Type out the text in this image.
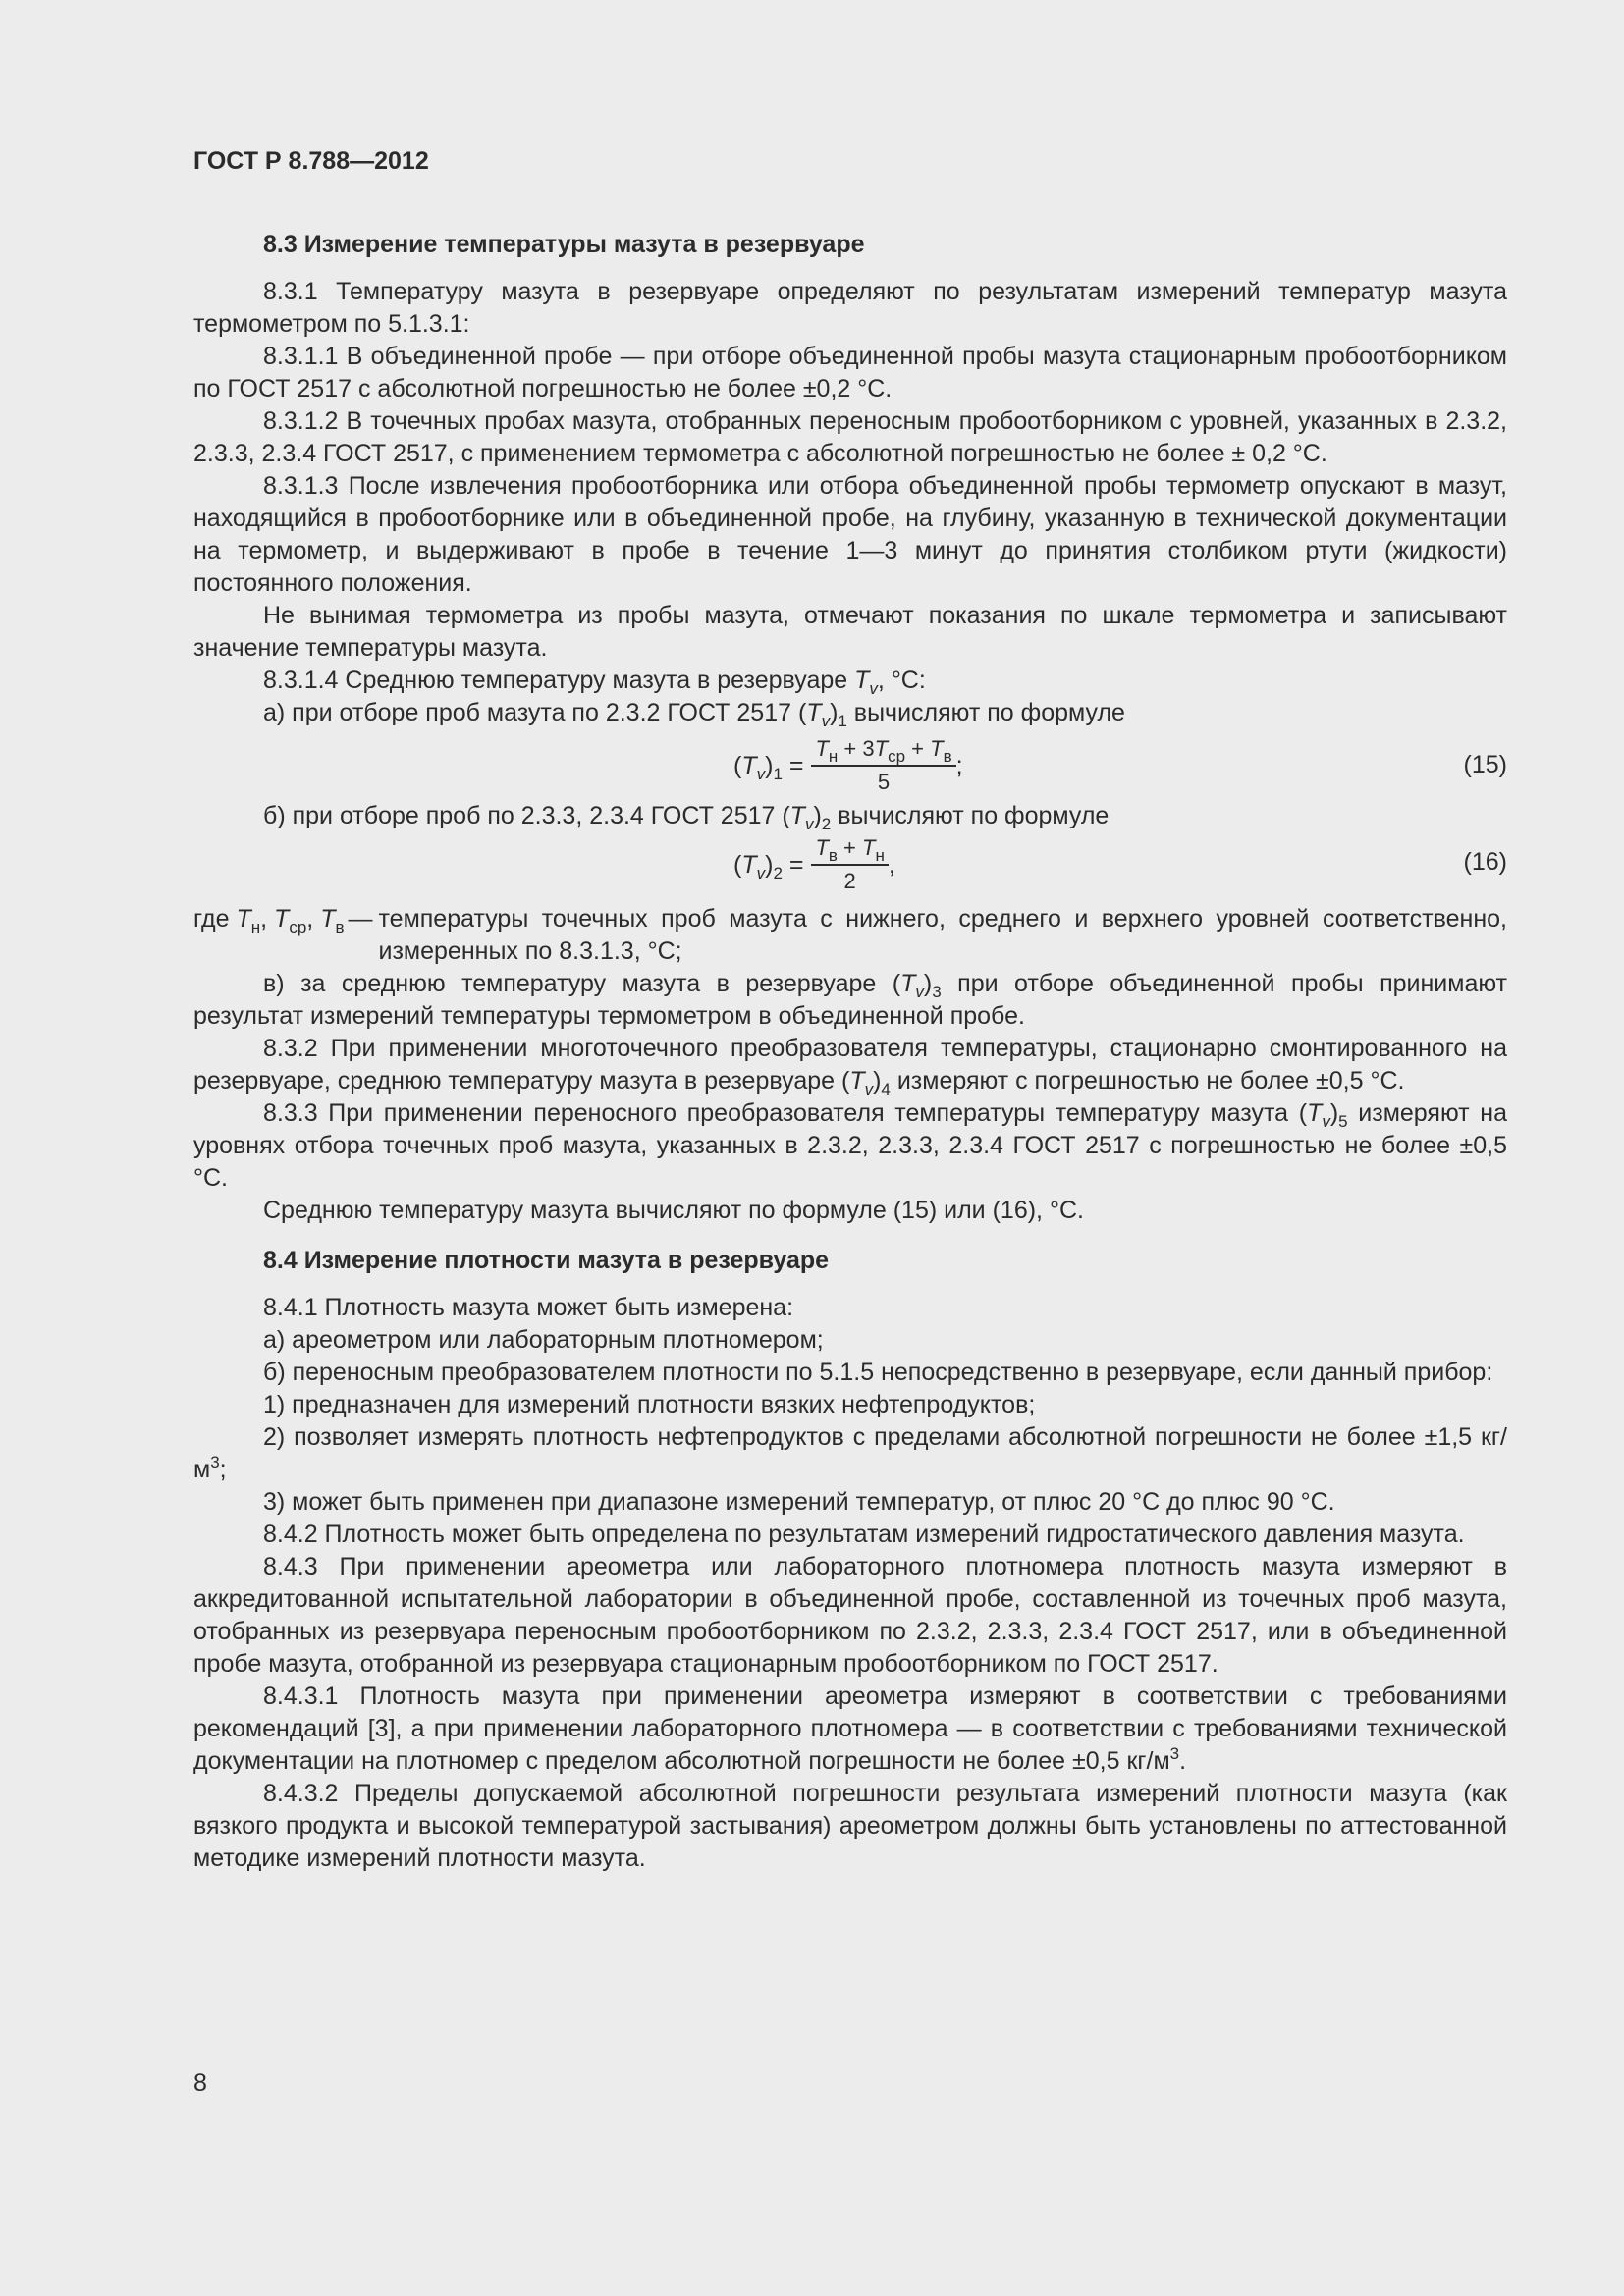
ГОСТ Р 8.788—2012
8.3 Измерение температуры мазута в резервуаре

8.3.1 Температуру мазута в резервуаре определяют по результатам измерений температур мазута термометром по 5.1.3.1:

8.3.1.1 В объединенной пробе — при отборе объединенной пробы мазута стационарным пробоотборником по ГОСТ 2517 с абсолютной погрешностью не более ±0,2 °С.

8.3.1.2 В точечных пробах мазута, отобранных переносным пробоотборником с уровней, указанных в 2.3.2, 2.3.3, 2.3.4 ГОСТ 2517, с применением термометра с абсолютной погрешностью не более ± 0,2 °С.

8.3.1.3 После извлечения пробоотборника или отбора объединенной пробы термометр опускают в мазут, находящийся в пробоотборнике или в объединенной пробе, на глубину, указанную в технической документации на термометр, и выдерживают в пробе в течение 1—3 минут до принятия столбиком ртути (жидкости) постоянного положения.

Не вынимая термометра из пробы мазута, отмечают показания по шкале термометра и записывают значение температуры мазута.

8.3.1.4 Среднюю температуру мазута в резервуаре $T_v$, °С:

а) при отборе проб мазута по 2.3.2 ГОСТ 2517 $(T_v)_1$ вычисляют по формуле

$(T_v)_1 = \frac{T_н + 3T_{ср} + T_в}{5}$ ;	(15)

б) при отборе проб по 2.3.3, 2.3.4 ГОСТ 2517 $(T_v)_2$ вычисляют по формуле

$(T_v)_2 = \frac{T_в + T_н}{2}$ ,	(16)
где $T_н$, $T_{ср}$, $T_в$ — температуры точечных проб мазута с нижнего, среднего и верхнего уровней соответственно, измеренных по 8.3.1.3, °С;

в) за среднюю температуру мазута в резервуаре $(T_v)_3$ при отборе объединенной пробы принимают результат измерений температуры термометром в объединенной пробе.

8.3.2 При применении многоточечного преобразователя температуры, стационарно смонтированного на резервуаре, среднюю температуру мазута в резервуаре $(T_v)_4$ измеряют с погрешностью не более ±0,5 °С.

8.3.3 При применении переносного преобразователя температуры температуру мазута $(T_v)_5$ измеряют на уровнях отбора точечных проб мазута, указанных в 2.3.2, 2.3.3, 2.3.4 ГОСТ 2517 с погрешностью не более ±0,5 °С.

Среднюю температуру мазута вычисляют по формуле (15) или (16), °С.

8.4 Измерение плотности мазута в резервуаре

8.4.1 Плотность мазута может быть измерена:

а) ареометром или лабораторным плотномером;

б) переносным преобразователем плотности по 5.1.5 непосредственно в резервуаре, если данный прибор:

1) предназначен для измерений плотности вязких нефтепродуктов;

2) позволяет измерять плотность нефтепродуктов с пределами абсолютной погрешности не более ±1,5 $кг/м^3$;

3) может быть применен при диапазоне измерений температур, от плюс 20 °С до плюс 90 °С.

8.4.2 Плотность может быть определена по результатам измерений гидростатического давления мазута.

8.4.3 При применении ареометра или лабораторного плотномера плотность мазута измеряют в аккредитованной испытательной лаборатории в объединенной пробе, составленной из точечных проб мазута, отобранных из резервуара переносным пробоотборником по 2.3.2, 2.3.3, 2.3.4 ГОСТ 2517, или в объединенной пробе мазута, отобранной из резервуара стационарным пробоотборником по ГОСТ 2517.

8.4.3.1 Плотность мазута при применении ареометра измеряют в соответствии с требованиями рекомендаций [3], а при применении лабораторного плотномера — в соответствии с требованиями технической документации на плотномер с пределом абсолютной погрешности не более ±0,5 $кг/м^3$.

8.4.3.2 Пределы допускаемой абсолютной погрешности результата измерений плотности мазута (как вязкого продукта и высокой температурой застывания) ареометром должны быть установлены по аттестованной методике измерений плотности мазута.

8
